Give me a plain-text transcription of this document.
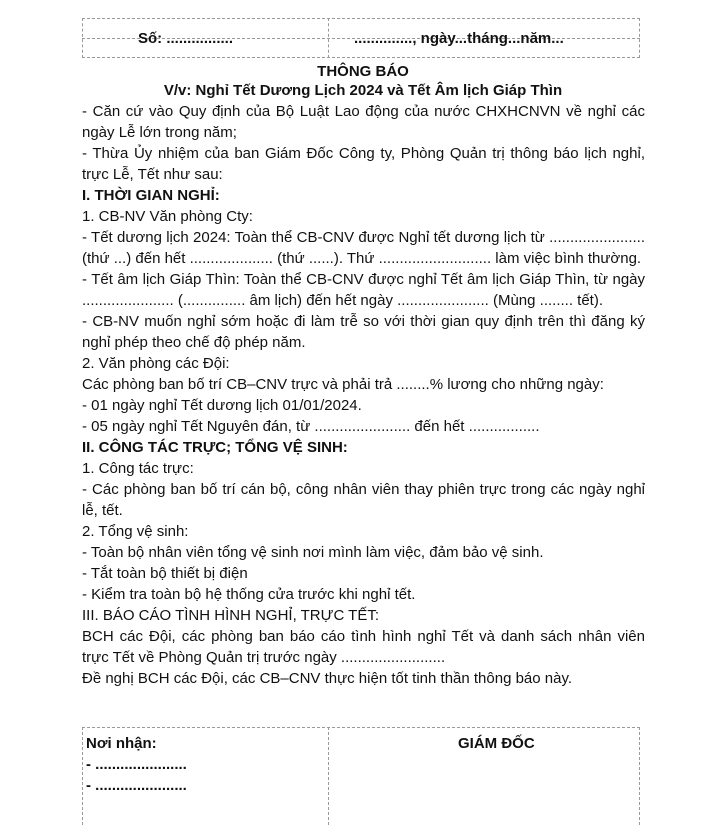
Số: ................	.............., ngày...tháng...năm...
THÔNG BÁO
V/v: Nghỉ Tết Dương Lịch 2024 và Tết Âm lịch Giáp Thìn

- Căn cứ vào Quy định của Bộ Luật Lao động của nước CHXHCNVN về nghỉ các ngày Lễ lớn trong năm;

- Thừa Ủy nhiệm của ban Giám Đốc Công ty, Phòng Quản trị thông báo lịch nghỉ, trực Lễ, Tết như sau:

I. THỜI GIAN NGHỈ:

1. CB-NV Văn phòng Cty:

- Tết dương lịch 2024: Toàn thể CB-CNV được Nghỉ tết dương lịch từ ....................... (thứ ...) đến hết .................... (thứ ......). Thứ ........................... làm việc bình thường.

- Tết âm lịch Giáp Thìn: Toàn thể CB-CNV được nghỉ Tết âm lịch Giáp Thìn, từ ngày ...................... (............... âm lịch) đến hết ngày ...................... (Mùng ........ tết).

- CB-NV muốn nghỉ sớm hoặc đi làm trễ so với thời gian quy định trên thì đăng ký nghỉ phép theo chế độ phép năm.

2. Văn phòng các Đội:

Các phòng ban bố trí CB–CNV trực và phải trả ........% lương cho những ngày:

- 01 ngày nghỉ Tết dương lịch 01/01/2024.

- 05 ngày nghỉ Tết Nguyên đán, từ ....................... đến hết .................

II. CÔNG TÁC TRỰC; TỔNG VỆ SINH:

1. Công tác trực:

- Các phòng ban bố trí cán bộ, công nhân viên thay phiên trực trong các ngày nghỉ lễ, tết.

2. Tổng vệ sinh:

- Toàn bộ nhân viên tổng vệ sinh nơi mình làm việc, đảm bảo vệ sinh.

- Tắt toàn bộ thiết bị điện

- Kiểm tra toàn bộ hệ thống cửa trước khi nghỉ tết.

III. BÁO CÁO TÌNH HÌNH NGHỈ, TRỰC TẾT:

BCH các Đội, các phòng ban báo cáo tình hình nghỉ Tết và danh sách nhân viên trực Tết về Phòng Quản trị trước ngày .........................

Đề nghị BCH các Đội, các CB–CNV thực hiện tốt tinh thần thông báo này.

Nơi nhận:
- ......................
- ......................
GIÁM ĐỐC
